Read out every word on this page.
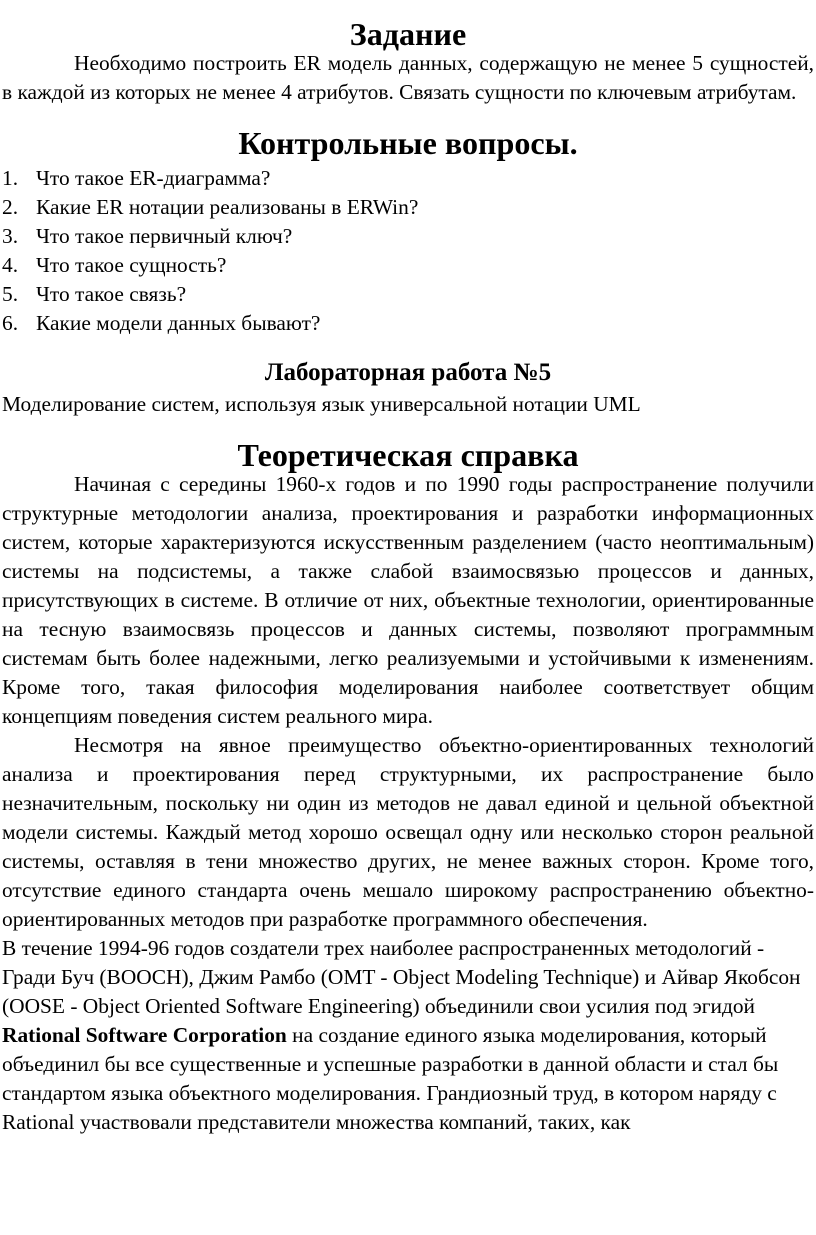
Задание

Необходимо построить ER модель данных, содержащую не менее 5 сущностей, в каждой из которых не менее 4 атрибутов. Связать сущности по ключевым атрибутам.

Контрольные вопросы.
1. Что такое ER-диаграмма?
2. Какие ER нотации реализованы в ERWin?
3. Что такое первичный ключ?
4. Что такое сущность?
5. Что такое связь?
6. Какие модели данных бывают?
Лабораторная работа №5

Моделирование систем, используя язык универсальной нотации UML

Теоретическая справка

Начиная с середины 1960-х годов и по 1990 годы распространение получили структурные методологии анализа, проектирования и разработки информационных систем, которые характеризуются искусственным разделением (часто неоптимальным) системы на подсистемы, а также слабой взаимосвязью процессов и данных, присутствующих в системе. В отличие от них, объектные технологии, ориентированные на тесную взаимосвязь процессов и данных системы, позволяют программным системам быть более надежными, легко реализуемыми и устойчивыми к изменениям. Кроме того, такая философия моделирования наиболее соответствует общим концепциям поведения систем реального мира.

Несмотря на явное преимущество объектно-ориентированных технологий анализа и проектирования перед структурными, их распространение было незначительным, поскольку ни один из методов не давал единой и цельной объектной модели системы. Каждый метод хорошо освещал одну или несколько сторон реальной системы, оставляя в тени множество других, не менее важных сторон. Кроме того, отсутствие единого стандарта очень мешало широкому распространению объектно-ориентированных методов при разработке программного обеспечения.

В течение 1994-96 годов создатели трех наиболее распространенных методологий - Гради Буч (BOOCH), Джим Рамбо (OMT - Object Modeling Technique) и Айвар Якобсон (OOSE - Object Oriented Software Engineering) объединили свои усилия под эгидой Rational Software Corporation на создание единого языка моделирования, который объединил бы все существенные и успешные разработки в данной области и стал бы стандартом языка объектного моделирования. Грандиозный труд, в котором наряду с Rational участвовали представители множества компаний, таких, как
